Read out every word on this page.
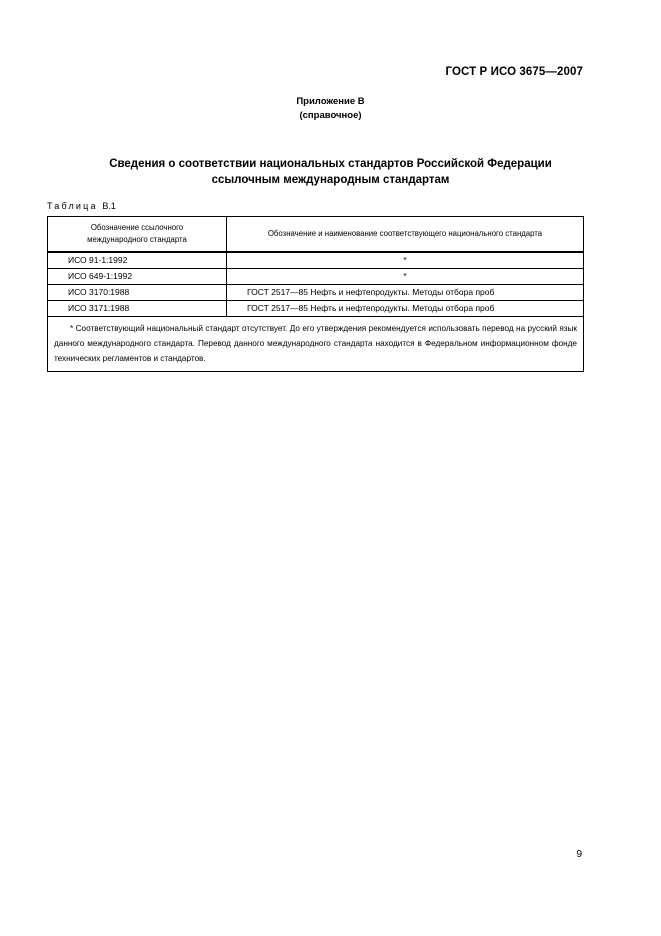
ГОСТ Р ИСО 3675—2007
Приложение В
(справочное)
Сведения о соответствии национальных стандартов Российской Федерации
ссылочным международным стандартам
Таблица В.1
Обозначение ссылочного
международного стандарта	Обозначение и наименование соответствующего национального стандарта
ИСО 91-1:1992	*
ИСО 649-1:1992	*
ИСО 3170:1988	ГОСТ 2517—85 Нефть и нефтепродукты. Методы отбора проб
ИСО 3171:1988	ГОСТ 2517—85 Нефть и нефтепродукты. Методы отбора проб
* Соответствующий национальный стандарт отсутствует. До его утверждения рекомендуется использовать перевод на русский язык данного международного стандарта. Перевод данного международного стандарта находится в Федеральном информационном фонде технических регламентов и стандартов.	
9
